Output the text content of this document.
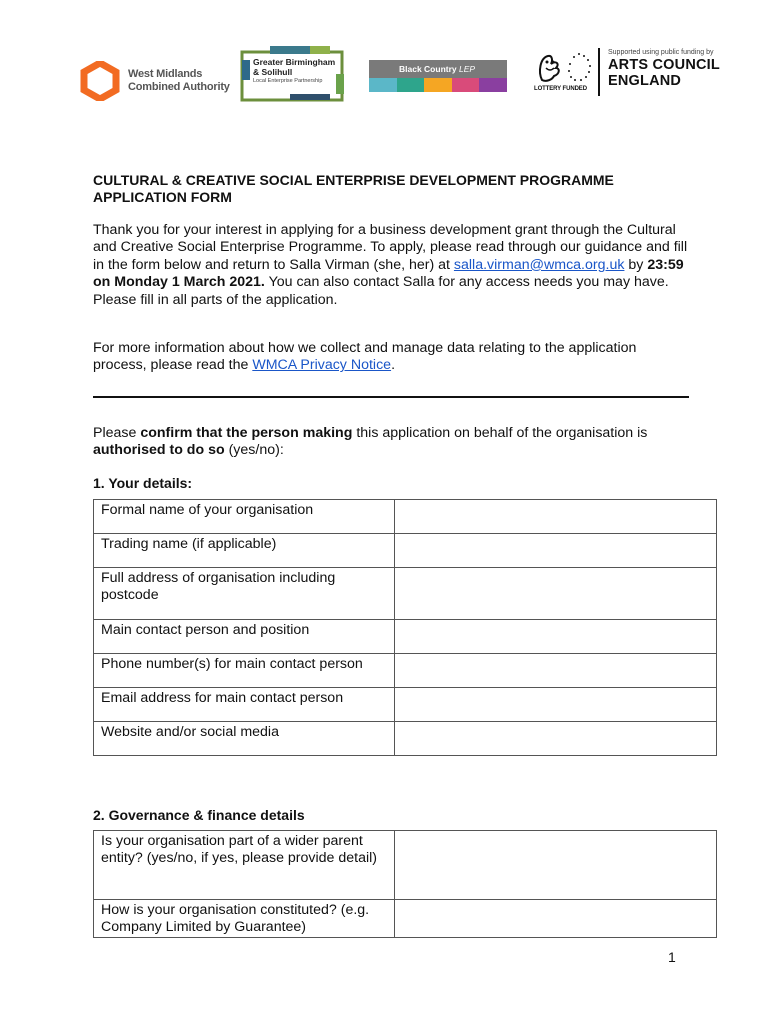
West Midlands
Combined Authority
Greater Birmingham
& Solihull
Local Enterprise Partnership
Black Country LEP
LOTTERY FUNDED
Supported using public funding by
ARTS COUNCIL
ENGLAND
CULTURAL & CREATIVE SOCIAL ENTERPRISE DEVELOPMENT PROGRAMME
APPLICATION FORM

Thank you for your interest in applying for a business development grant through the Cultural and Creative Social Enterprise Programme. To apply, please read through our guidance and fill in the form below and return to Salla Virman (she, her) at salla.virman@wmca.org.uk by 23:59 on Monday 1 March 2021. You can also contact Salla for any access needs you may have. Please fill in all parts of the application.

For more information about how we collect and manage data relating to the application process, please read the WMCA Privacy Notice.

Please confirm that the person making this application on behalf of the organisation is authorised to do so (yes/no):

1. Your details:
Formal name of your organisation	
Trading name (if applicable)	
Full address of organisation including postcode	
Main contact person and position	
Phone number(s) for main contact person	
Email address for main contact person	
Website and/or social media	
2. Governance & finance details
Is your organisation part of a wider parent entity? (yes/no, if yes, please provide detail)	
How is your organisation constituted? (e.g. Company Limited by Guarantee)	
1
